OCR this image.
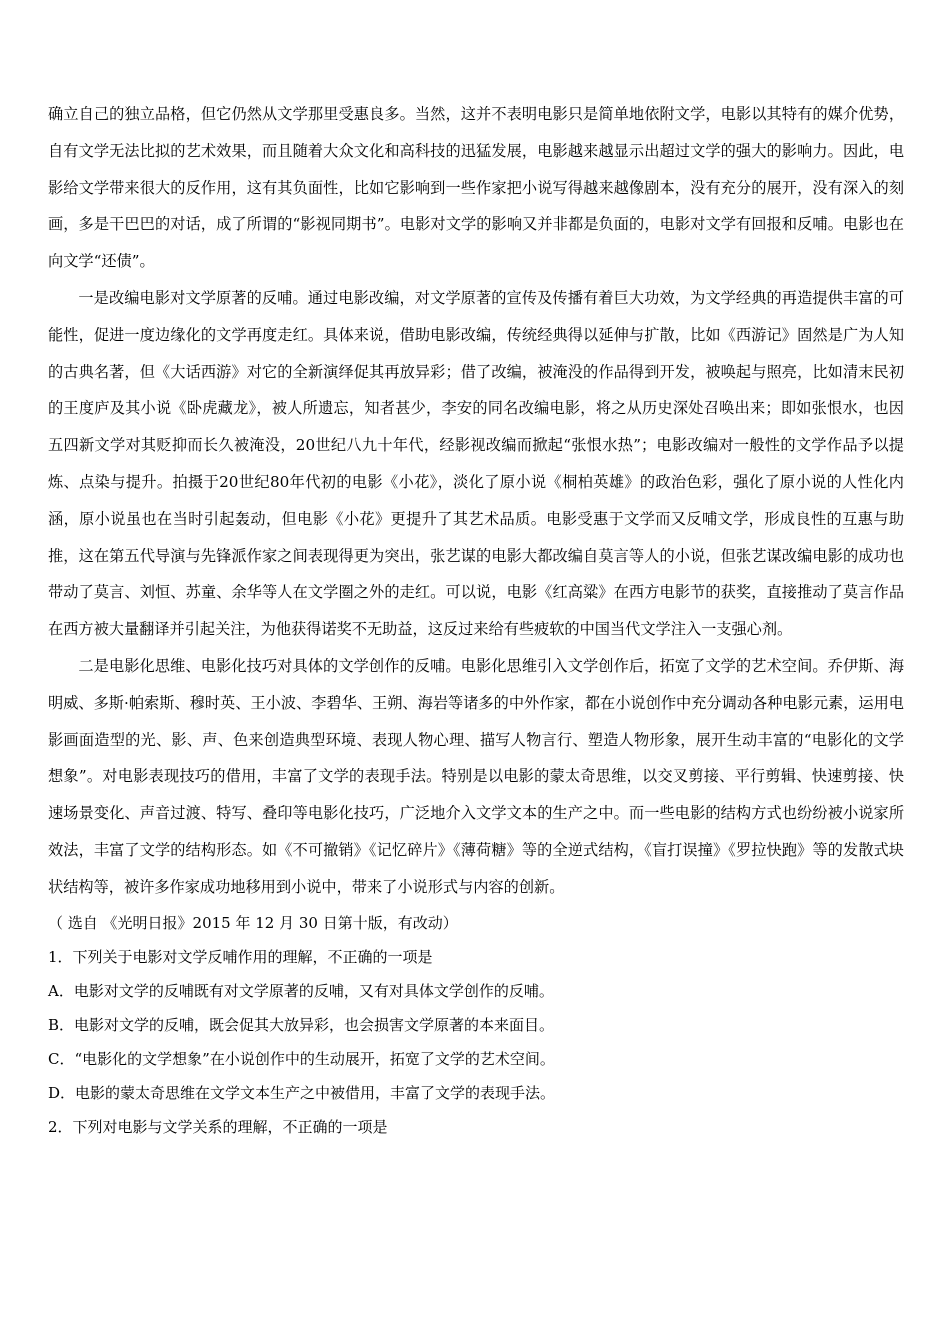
确立自己的独立品格，但它仍然从文学那里受惠良多。当然，这并不表明电影只是简单地依附文学，电影以其特有的媒介优势，自有文学无法比拟的艺术效果，而且随着大众文化和高科技的迅猛发展，电影越来越显示出超过文学的强大的影响力。因此，电影给文学带来很大的反作用，这有其负面性，比如它影响到一些作家把小说写得越来越像剧本，没有充分的展开，没有深入的刻画，多是干巴巴的对话，成了所谓的“影视同期书”。电影对文学的影响又并非都是负面的，电影对文学有回报和反哺。电影也在向文学“还债”。

一是改编电影对文学原著的反哺。通过电影改编，对文学原著的宣传及传播有着巨大功效，为文学经典的再造提供丰富的可能性，促进一度边缘化的文学再度走红。具体来说，借助电影改编，传统经典得以延伸与扩散，比如《西游记》固然是广为人知的古典名著，但《大话西游》对它的全新演绎促其再放异彩；借了改编，被淹没的作品得到开发，被唤起与照亮，比如清末民初的王度庐及其小说《卧虎藏龙》，被人所遗忘，知者甚少，李安的同名改编电影，将之从历史深处召唤出来；即如张恨水，也因五四新文学对其贬抑而长久被淹没，20世纪八九十年代，经影视改编而掀起“张恨水热”；电影改编对一般性的文学作品予以提炼、点染与提升。拍摄于20世纪80年代初的电影《小花》，淡化了原小说《桐柏英雄》的政治色彩，强化了原小说的人性化内涵，原小说虽也在当时引起轰动，但电影《小花》更提升了其艺术品质。电影受惠于文学而又反哺文学，形成良性的互惠与助推，这在第五代导演与先锋派作家之间表现得更为突出，张艺谋的电影大都改编自莫言等人的小说，但张艺谋改编电影的成功也带动了莫言、刘恒、苏童、余华等人在文学圈之外的走红。可以说，电影《红高粱》在西方电影节的获奖，直接推动了莫言作品在西方被大量翻译并引起关注，为他获得诺奖不无助益，这反过来给有些疲软的中国当代文学注入一支强心剂。

二是电影化思维、电影化技巧对具体的文学创作的反哺。电影化思维引入文学创作后，拓宽了文学的艺术空间。乔伊斯、海明威、多斯·帕索斯、穆时英、王小波、李碧华、王朔、海岩等诸多的中外作家，都在小说创作中充分调动各种电影元素，运用电影画面造型的光、影、声、色来创造典型环境、表现人物心理、描写人物言行、塑造人物形象，展开生动丰富的“电影化的文学想象”。对电影表现技巧的借用，丰富了文学的表现手法。特别是以电影的蒙太奇思维，以交叉剪接、平行剪辑、快速剪接、快速场景变化、声音过渡、特写、叠印等电影化技巧，广泛地介入文学文本的生产之中。而一些电影的结构方式也纷纷被小说家所效法，丰富了文学的结构形态。如《不可撤销》《记忆碎片》《薄荷糖》等的全逆式结构，《盲打误撞》《罗拉快跑》等的发散式块状结构等，被许多作家成功地移用到小说中，带来了小说形式与内容的创新。

（ 选自 《光明日报》2015 年 12 月 30 日第十版，有改动）

1．下列关于电影对文学反哺作用的理解，不正确的一项是

A．电影对文学的反哺既有对文学原著的反哺，又有对具体文学创作的反哺。

B．电影对文学的反哺，既会促其大放异彩，也会损害文学原著的本来面目。

C．“电影化的文学想象”在小说创作中的生动展开，拓宽了文学的艺术空间。

D．电影的蒙太奇思维在文学文本生产之中被借用，丰富了文学的表现手法。

2．下列对电影与文学关系的理解，不正确的一项是
